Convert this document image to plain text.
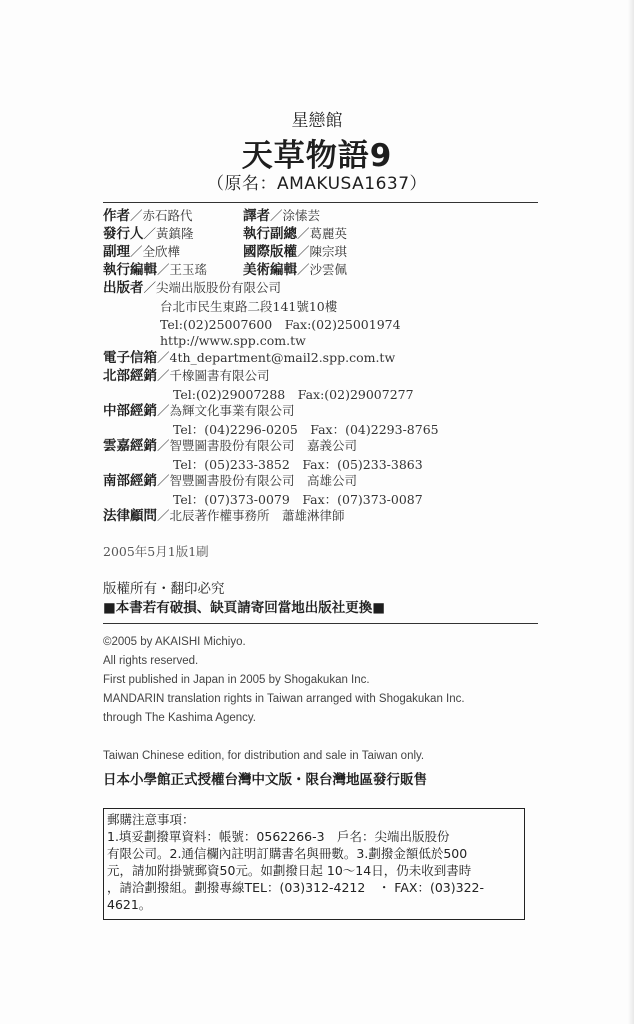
星戀館
天草物語9
（原名：AMAKUSA1637）
作者／赤石路代	譯者／涂愫芸
發行人／黃鎮隆	執行副總／葛麗英
副理／全欣樺	國際版權／陳宗琪
執行編輯／王玉瑤	美術編輯／沙雲佩
出版者／尖端出版股份有限公司
台北市民生東路二段141號10樓
Tel:(02)25007600　Fax:(02)25001974
http://www.spp.com.tw
電子信箱／4th_department@mail2.spp.com.tw
北部經銷／千橡圖書有限公司
Tel:(02)29007288　Fax:(02)29007277
中部經銷／為輝文化事業有限公司
Tel：(04)2296-0205　Fax：(04)2293-8765
雲嘉經銷／智豐圖書股份有限公司　嘉義公司
Tel：(05)233-3852　Fax：(05)233-3863
南部經銷／智豐圖書股份有限公司　高雄公司
Tel：(07)373-0079　Fax：(07)373-0087
法律顧問／北辰著作權事務所　蕭雄淋律師
2005年5月1版1刷
版權所有・翻印必究
■本書若有破損、缺頁請寄回當地出版社更換■
©2005 by AKAISHI Michiyo.
All rights reserved.
First published in Japan in 2005 by Shogakukan Inc.
MANDARIN translation rights in Taiwan arranged with Shogakukan Inc.
through The Kashima Agency.
Taiwan Chinese edition, for distribution and sale in Taiwan only.
日本小學館正式授權台灣中文版・限台灣地區發行販售
郵購注意事項：
1.填妥劃撥單資料：帳號：0562266-3　戶名：尖端出版股份
有限公司。2.通信欄內註明訂購書名與冊數。3.劃撥金額低於500
元，請加附掛號郵資50元。如劃撥日起 10～14日，仍未收到書時
，請洽劃撥組。劃撥專線TEL：(03)312-4212　・ FAX：(03)322-
4621。
